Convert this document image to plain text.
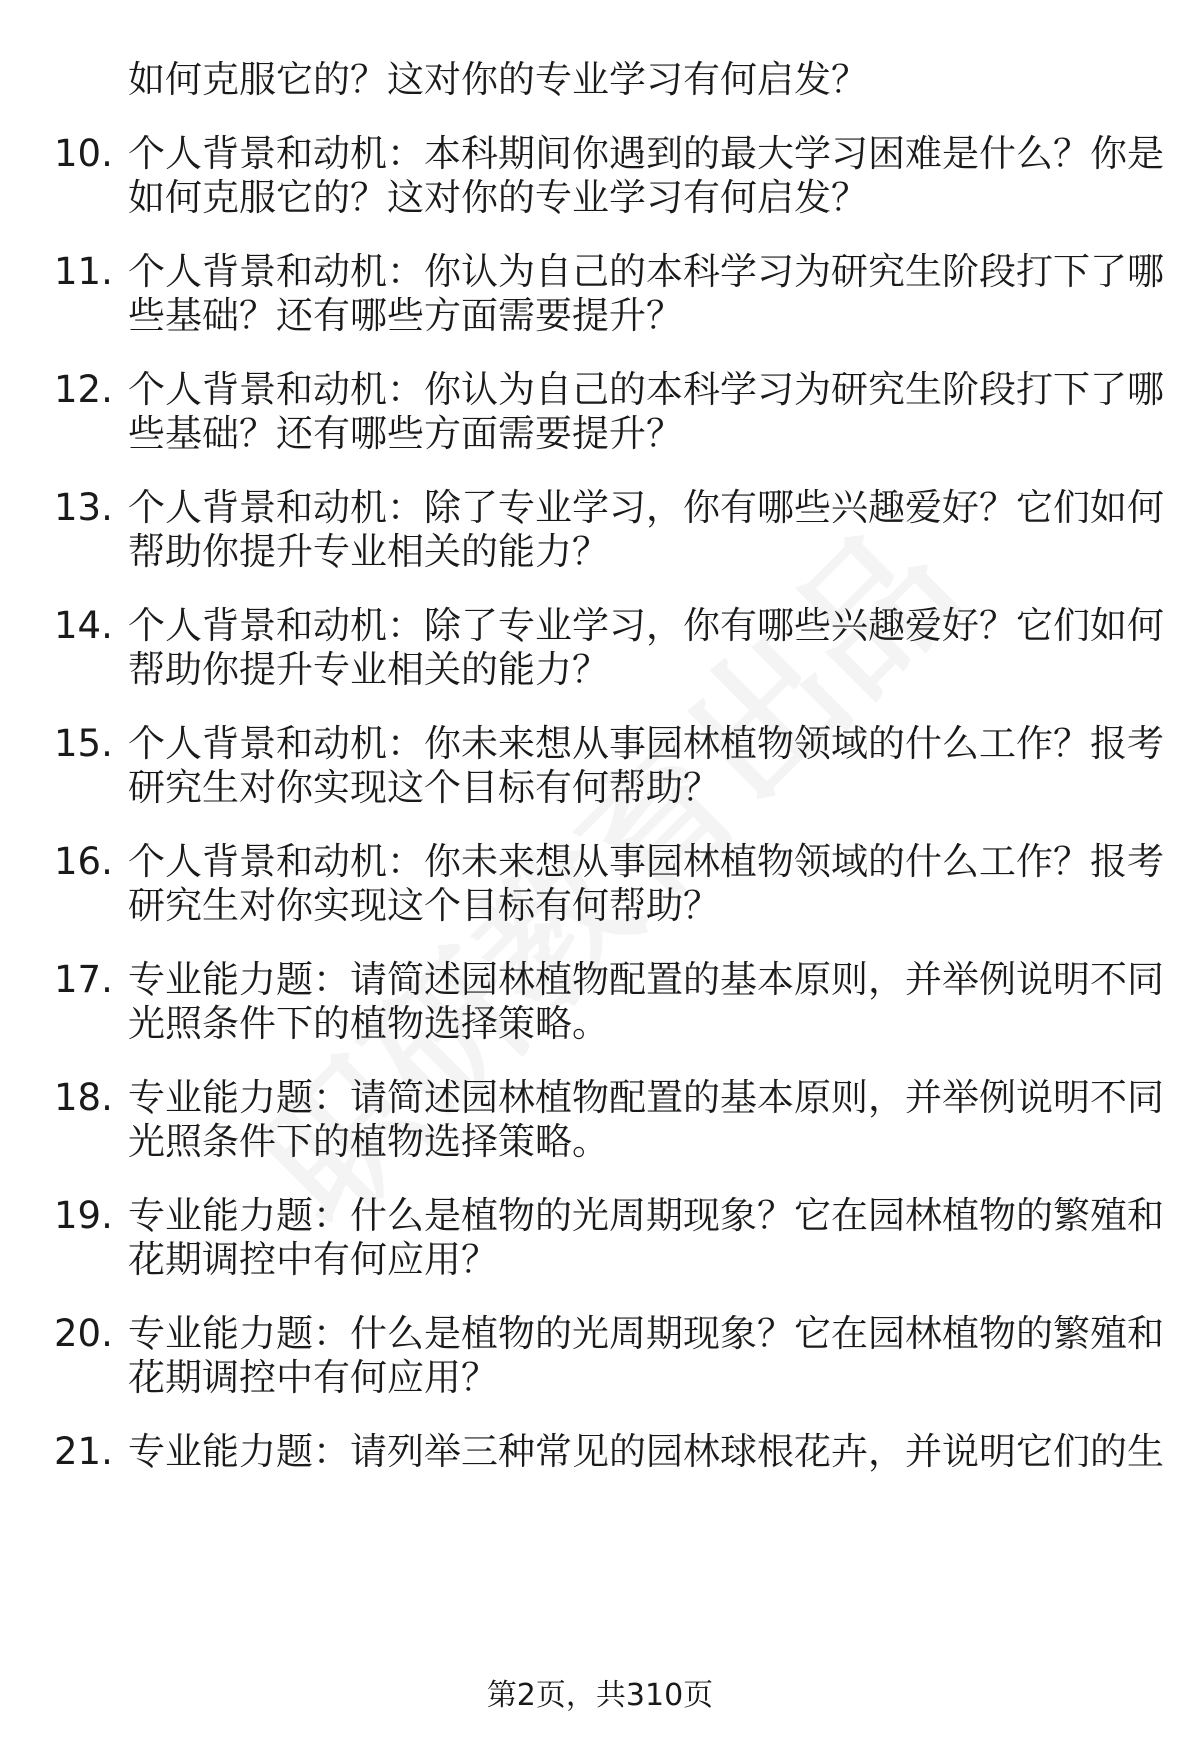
如何克服它的？这对你的专业学习有何启发？
10. 个人背景和动机：本科期间你遇到的最大学习困难是什么？你是
如何克服它的？这对你的专业学习有何启发？
11. 个人背景和动机：你认为自己的本科学习为研究生阶段打下了哪
些基础？还有哪些方面需要提升？
12. 个人背景和动机：你认为自己的本科学习为研究生阶段打下了哪
些基础？还有哪些方面需要提升？
13. 个人背景和动机：除了专业学习，你有哪些兴趣爱好？它们如何
帮助你提升专业相关的能力？
14. 个人背景和动机：除了专业学习，你有哪些兴趣爱好？它们如何
帮助你提升专业相关的能力？
15. 个人背景和动机：你未来想从事园林植物领域的什么工作？报考
研究生对你实现这个目标有何帮助？
16. 个人背景和动机：你未来想从事园林植物领域的什么工作？报考
研究生对你实现这个目标有何帮助？
17. 专业能力题：请简述园林植物配置的基本原则，并举例说明不同
光照条件下的植物选择策略。
18. 专业能力题：请简述园林植物配置的基本原则，并举例说明不同
光照条件下的植物选择策略。
19. 专业能力题：什么是植物的光周期现象？它在园林植物的繁殖和
花期调控中有何应用？
20. 专业能力题：什么是植物的光周期现象？它在园林植物的繁殖和
花期调控中有何应用？
21. 专业能力题：请列举三种常见的园林球根花卉，并说明它们的生
第2页，共310页
